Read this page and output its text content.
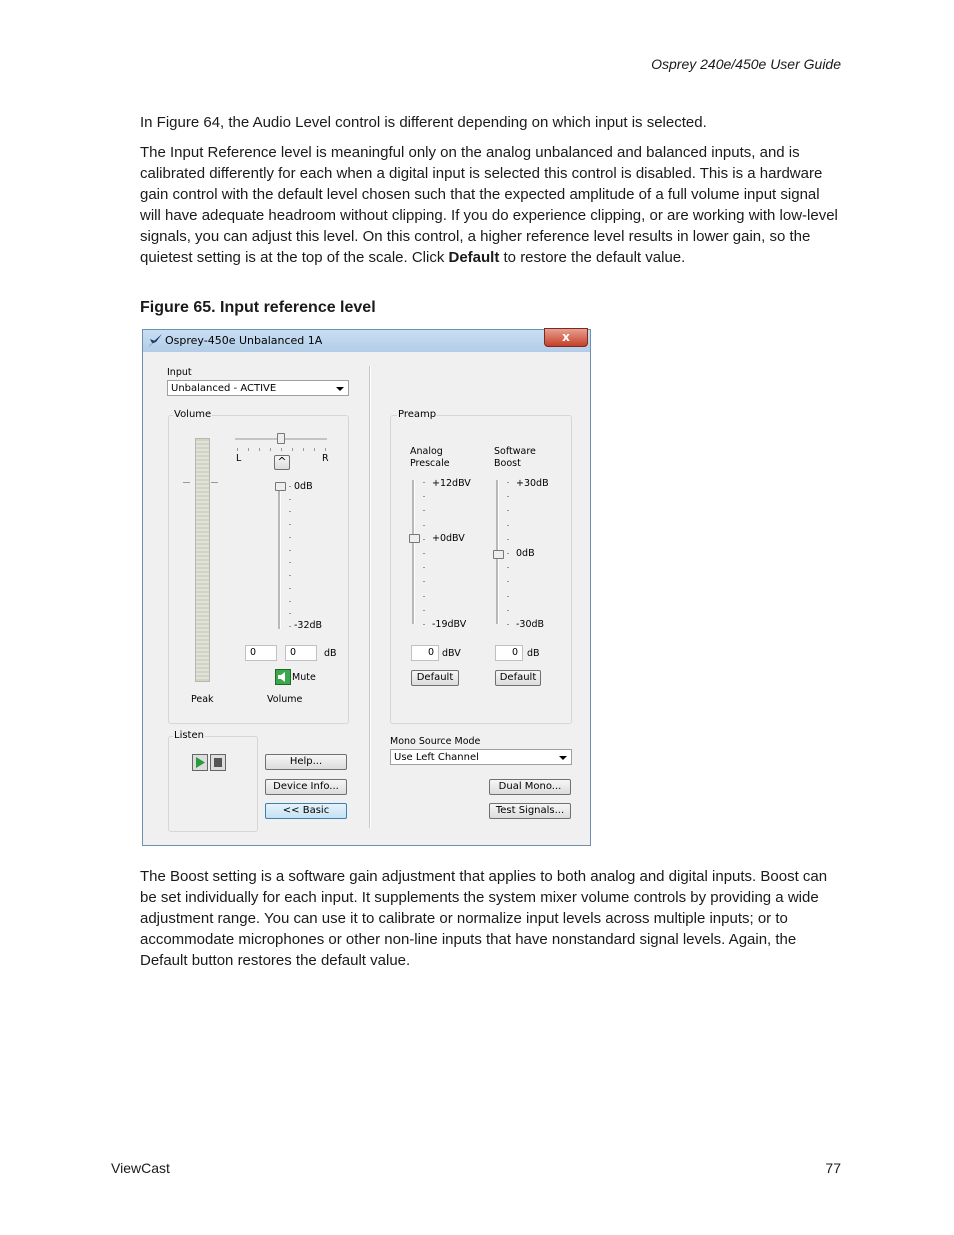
Osprey 240e/450e User Guide

In Figure 64, the Audio Level control is different depending on which input is selected.

The Input Reference level is meaningful only on the analog unbalanced and balanced inputs, and is calibrated differently for each when a digital input is selected this control is disabled. This is a hardware gain control with the default level chosen such that the expected amplitude of a full volume input signal will have adequate headroom without clipping. If you do experience clipping, or are working with low-level signals, you can adjust this level. On this control, a higher reference level results in lower gain, so the quietest setting is at the top of the scale. Click Default to restore the default value.

Figure 65. Input reference level
Osprey-450e Unbalanced 1A	x
Input
Unbalanced - ACTIVE
Volume
L	R
^
0dB
-32dB
0	0	dB
Mute
Peak	Volume
Preamp
Analog
Prescale
Software
Boost
+12dBV
+0dBV
-19dBV
+30dB
0dB
-30dB
0 dBV	0 dB
Default	Default
Listen
Help...
Device Info...
<< Basic
Mono Source Mode
Use Left Channel
Dual Mono...
Test Signals...

The Boost setting is a software gain adjustment that applies to both analog and digital inputs. Boost can be set individually for each input. It supplements the system mixer volume controls by providing a wide adjustment range. You can use it to calibrate or normalize input levels across multiple inputs; or to accommodate microphones or other non-line inputs that have nonstandard signal levels. Again, the Default button restores the default value.

ViewCast	77
